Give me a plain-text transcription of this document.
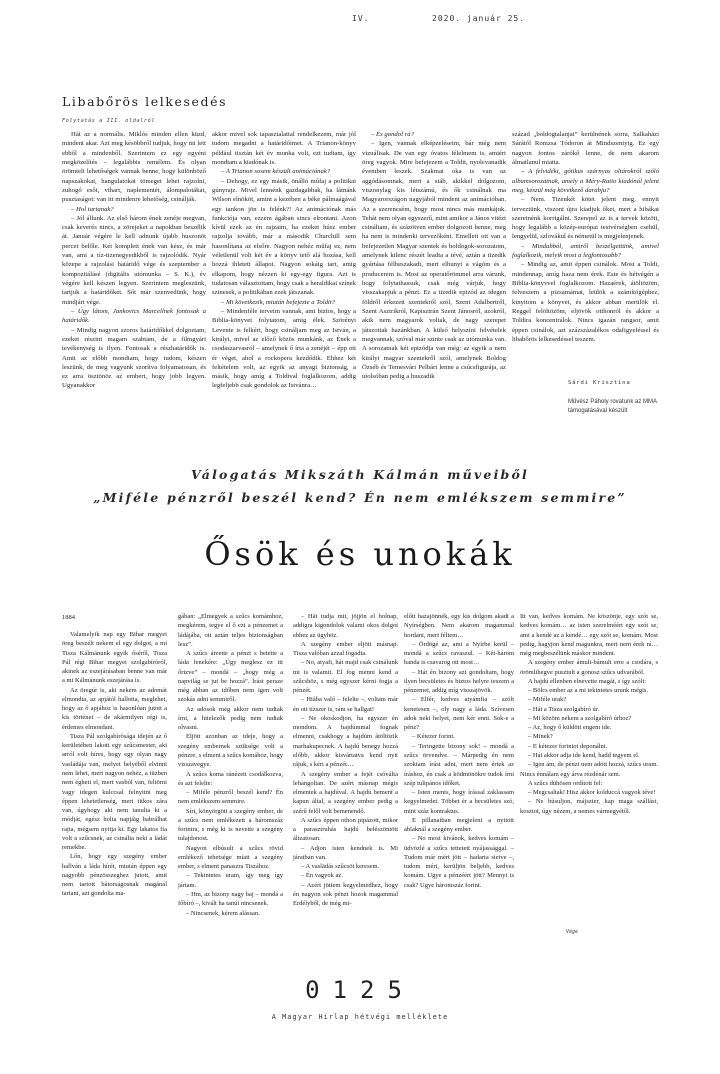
IV.	2020. január 25.
Libabőrös lelkesedés
Folytatás a III. oldalról

Hát az a normális. Miklós minden ellen küzd, mindent akar. Azt meg késöbbről tudjuk, hogy mi lett ebből a mindenből. Szerintem ez egy egyéni megközelítés – legalábbis remélem. És olyan örömteli lehetőségek vannak benne, hogy különböző napszakokat, hangulatokat tömeget lehet rajzolni, zuhogó esőt, vihart, naplementét, álompalotákat, pusztaságot: van itt mindenre lehetőség, csinálják.

– Hol tartanak?

– Jól állunk. Az első három ének zenéje megvan, csak keverés nincs, a zörejeket a napokban beszélik át. Január végére le kell adnunk újabb huszonöt percet belőle. Két komplett ének van kész, és már van, ami a tíz-tizenegyedikből is rajzolódik. Nyár közepe a rajzolási határidő vége és szeptember a kompozitálásé (digitális utómunka – S. K.), év végére kell készen legyen. Szerintem megleszünk, tartjuk a határidőket. Sőt már szenvedünk, hogy mindjárt vége.

– Úgy látom, Jankovics Marcellnek fontosak a határidők.

– Mindig nagyon szoros határidőkkel dolgoztam, ezeket részint magam szabtam, de a filmgyári tevékenység is ilyen. Fontosak a részhatáridők is. Amit az előbb mondtam, hogy tudom, készen leszünk, de meg vagyunk szorítva folyamatosan, és ez arra ösztönöz az embert, hogy jobb legyen. Ugyanakkor

akkor mivel sok tapasztalattal rendelkezem, már jól tudom megadni a határidőimet. A Trianon-könyv például tisztán két év munka volt, ezt tudtam, így mondtam a kiadónak is.

– A Trianon sosem készült animációnak?

– Dehogy, ez egy másik, önálló műfaj a politikai gúnyrajz. Mivel lennénk gazdagabbak, ha látnánk Wilson elnököt, amint a kezében a béke pálmaágával egy tankon jön is felénk?! Az animációnak más funkciója van, ezzem ágában sincs elrontani. Azon kívül ezek az én rajzaim, ha ezeket húsz ember rajzolja tovább, már a második Churchill sem hasonlítana az elsőre. Nagyon nehéz műfaj ez, nem véletlenül volt két év a könyv tető alá hozása, kell hozzá ihletett állapot. Nagyon sokáig tart, amig elkapom, hogy nézzen ki egy-egy figura. Azt is tudatosan választottam, hogy csak a heraldikai színek szinesek, a politikában ezek játszanak.

– Mi következik, miután befejezte a Toldit?

– Mindenféle terveim vannak, ami biztos, hogy a Biblia-könyvet folytatom, amig élek. Szörényi Levente is felkért, hogy csináljam meg az István, a királyt, mivel az előző közös munkánk, az Ének a csodaszarvasról – amelynek ő írta a zenéjét – épp ott ér véget, ahol a rockopera kezdődik. Ehhez két feltételem volt, az egyik az anyagi biztonság, a másik, hogy amíg a Toldival foglalkozom, addig legfeljebb csak gondolok az Istvánra…

– És gondol rá?

– Igen, vannak elképzeléseim, bár még nem vizuálisak. De van egy óvatos félelmem is, amiért öreg vagyok. Mire befejezem a Toldit, nyolcvanadik évemben leszek. Szakmai oka is van az aggódásomnak, mert a stáb, akikkel dolgozom, viszonylag kis létszámú, és ők csinálnak ma Magyarországon nagyjából mindent az animációban. Az a szerencsém, hogy most nincs más munkájuk. Tehát nem olyan egyszerű, mint amikor a János vitézt csináltam, és százötven ember dolgozott benne, meg ha nem is mindenki tervezőként. Emellett ott van a befejezetlen Magyar szentek és boldogok-sorozatom, amelynek kilenc részét leadta a tévé, aztán a tizedik gyártása félbeszakadt, mert elhunyt a vágóm és a producerem is. Most az operatőrömmel arra várunk, hogy folytathassuk, csak még várjuk, hogy visszakapjuk a pénzt. Ez a tizedik epizód az idegen földről érkezett szentekről szól, Szent Adalbertről, Szent Asztrikról, Kapisztrán Szent Jánosról, azokról, akik nem magyarok voltak, de nagy szerepet játszottak hazánkban. A külső helyszíni felvételek megvannak, szóval már szinte csak az utómunka van. A sorozatnak két epizódja van még: az egyik a nem királyi magyar szentekről szól, amelynek Boldog Özséb és Temesvári Pelbárt lenne a csúcsfigurája, az utolsóban pedig a huszadik

század „boldogtalanjai” kerülnének sorra, Salkaházi Sárától Romzsa Tódoron át Mindszentyig. Ez egy nagyon fontos zárókő lenne, de nem akarom álmatlanul miatta.

– A felvidéki, gótikus szárnyas oltárokról szóló albumsorozatnak, amely a Méry-Ratio kiadónál jelent meg, készül még következő darabja?

– Nem. Tizenkét kötet jelent meg, ennyit terveztünk, viszont újra kiadjuk őket, mert a hibákat szeretnénk korrigálni. Szerepel az is a tervek között, hogy legalább a közép-európai testvérségben csehül, lengyelül, szlovákul és németül is megjelenjenek.

– Mindabból, amiről beszélgettünk, amivel foglalkozik, melyik most a legfontosabb?

– Mindig az, amit éppen csinálok. Most a Toldi, mindennap, amíg hazа nem érek. Este és hétvégén a Biblia-könyvvel foglalkozom. Hazaérek, átöltözöm, felveszem a pizsamámat, leülök a számítógéphez, kinyitom a könyvet, és akkor abban merülök el. Reggel felöltözöm, eljövök otthonról és akkor a Toldira koncentrálok. Nincs igazán rangsor, amit éppen csinálok, azt százszázalékos odafigyeléssel és libabőrös lelkesedéssel teszem.

Sárdi Krisztina
Művész Páholy rovatunk az MMA támogatásával készült
Válogatás Mikszáth Kálmán műveiből
„Miféle pénzről beszél kend? Én nem emlékszem semmire”
Ősök és unokák
1884

Valamelyik nap egy Bihar megyei öreg beszélt nekem el egy dolgot, a mi Tisza Kálmánunk egyik őséről, Tisza Pál régi Bihar megyei szolgabíróról, akinek az eszejárásaban benne van már a mi Kálmánunk eszejárása is.

Az öregúr is, aki nekem az adomát elmondta, az apjától hallotta, meglehet, hogy az ő apjához is hasonlóan jutott a kis történet – de akármilyen régi is, érdemes elmondani.

Tisza Pál szolgabírósága idején az ő kerületében lakott egy szűcsmester, aki arról volt híres, hogy egy olyan nagy vasládája van, melyet helyéből elvinni nem lehet, mert nagyon nehéz, a tüzben nem égheti el, mert vasból van, feltörni vagy idegen kulccsal felnyitni meg éppen lehetetlenség, mert titkos zára van, úgyhogy aki nem tanulta ki a módját, egész holta napjáig babrálhat rajta, mégsem nyitja ki. Egy lakatos fia volt a szűcsnek, az csinálta neki a ládát remekbe.

Lőn, hogy egy szegény ember hallván a láda hírét, miután éppen egy nagyobb pénzösszeghez jutott, amit nem tartott bátorságosnak magánál tartani, azt gondolta ma-

gában: „Elmegyek a szűcs komámhoz, megkérem, tegye el ő ezt a pénzemet a ládájába, ott aztán teljes biztonságban lesz”.

A szűcs átvette a pénzt s betette a láda fenekére: „Úgy meglesz ez itt őrizve” – mondá – „hogy még a napvilág se jut be hozzá”. Írást persze még abban az időben nem igen volt szokás adni semmiről.

Az adósok még akkor nem tudtak írni, a hitelezők pedig nem tudtak olvasni.

Eljött azonban az ideje, hogy a szegény embernek szüksége volt a pénzre, s elment a szűcs komához, hogy visszavegye.

A szűcs koma ránézett csodálkozva, és azt felelte:

– Miféle pénzről beszél kend? Én nem emlékszem semmire.

Sírt, könyörgött a szegény ember, de a szűcs nem emlékezett a háromszáz forintra, s még ki is nevette a szegény tulajdonost.

Nagyon elbúsult a szűcs rövid emlékező tehetsége miatt a szegény ember, s elment panaszra Tiszához.

– Tekintetes uram, így meg így jártam.

– Hm, az bizony nagy baj – mondá a főbíró –, kivált ha tanúi nincsenek.

– Nincsenek, kérem alássan.

– Hát tudja mit, jöjjön el holnap, addigra kigondolok valami okos dolgot ebhez az ügyhöz.

A szegény ember eljött másnap. Tisza valóban azzal fogadta.

– No, atyafi, hát majd csak csinálunk mi is valamit. El fog menni kend a szűcshöz, s még egyszer kérni fogja a pénzét.

– Hiába való – felelte –, voltam már én ott tízszer is, rám se hallgat!

– Ne okoskodjon, ha egyszer én mondom. A hajdúmmal fognak elmenni, csakhogy a hajdúm átöltözik marhakupecnek. A hajdú benegy hozzá előbb, akkor kisvártatva kend nyit rájuk, s kéri a pénzét…

A szegény ember a fejét csóválta lehangoltan. De azért másnap mégis elmentek a hajdúval. A hajdú bement a kapun által, a szegény ember pedig a szérű felől volt bemenendő.

A szűcs éppen othon pipázott, mikor a parasztruhás hajdú belészöntött álizatosan.

– Adjon isten kendnek is. Mi járatban van.

– A vaslädás szűcsöt keresem.

– Én vagyok az.

– Azért jöttem kegyelmedhez, hogy én nagyon sok pénzt hozok magammal Erdélyből, de még mi-

előtt hazajönnék, egy kis dolgom akadt a Nyírségben. Nem akarom magammal hordani, mert féltem…

– Ördögé az, ami a Nyírbe kerül – mondá a szűcs ravaszul. – Két-három banda is csavarog ott most…

– Hát én bizony azt gondoltam, hogy ilyen becsületes és biztos helyre teszem a pénzemet, addig míg visszajövök.

– Elfér, kedves atyámfia – szólt kenetesen –, oly nagy a láda. Szívesen adok neki helyet, nem kér enni. Sok-e a pénz?

– Kétezer forint.

– Teringette bizony sok! – mondá a szűcs örvendve. – Márpedig én nem szoktam írást adni, mert nem értek az íráshoz, én csak a ködmönökre tudok írni szép tulipános ídőket.

– Isten ments, hogy írással zaklassam kegyelmedet. Többet ér a becsületes szó, mint száz kontraktus.

E pillanatban megjelent a nyitott ablaknál a szegény ember.

– No most kivánok, kedves komám – üdvözlé a szűcs tettetett nyájassággal. – Tudom már mért jött – hadarta sietve –, tudom mért, kerüljön beljebb, kedves komám. Ugye a pénzéért jött? Mennyi is csak? Ugye háromszáz forint.

Itt van, kedves komám. Ne köszönje, egy szót se, kedves komám… az isten szerelméért egy szót se, ami a kendé az a kendé… egy szót se, komám. Most pedig, hagyjon kend magunkra, mert nem érek rá… még megbeszélünk máskor mindent.

A szegény ember ámult-bámult erre a csodára, s örömlihegve pusztult a gonosz szűcs udvarából.

A hajdú ellenben elnevette magát, s így szólt:

– Bölcs ember az a mi tekintetes urunk mégis.

– Miféle urak?

– Hát a Tisza szolgabíró úr.

– Mi közöm nekem a szolgabíró úrhoz?

– Az, hogy ő küldött engem ide.

– Minek?

– E kétezer forintot deponálni.

– Hát akkor adja ide kend, hadd tegyem el.

– Igen ám, de pénzt nem adott hozzá, szűcs uram. Nincs énnálam egy árva rézdénár sem.

A szűcs dühösen ordított fel:

– Megcsaltak! Hisz akkor kolduссá vagyok téve!

– Ne búsuljon, májszter, kap maga szállást, kosztot, úgy nézem, a nemes vármegyétől.

Vége
0125
A Magyar Hírlap hétvégi melléklete
